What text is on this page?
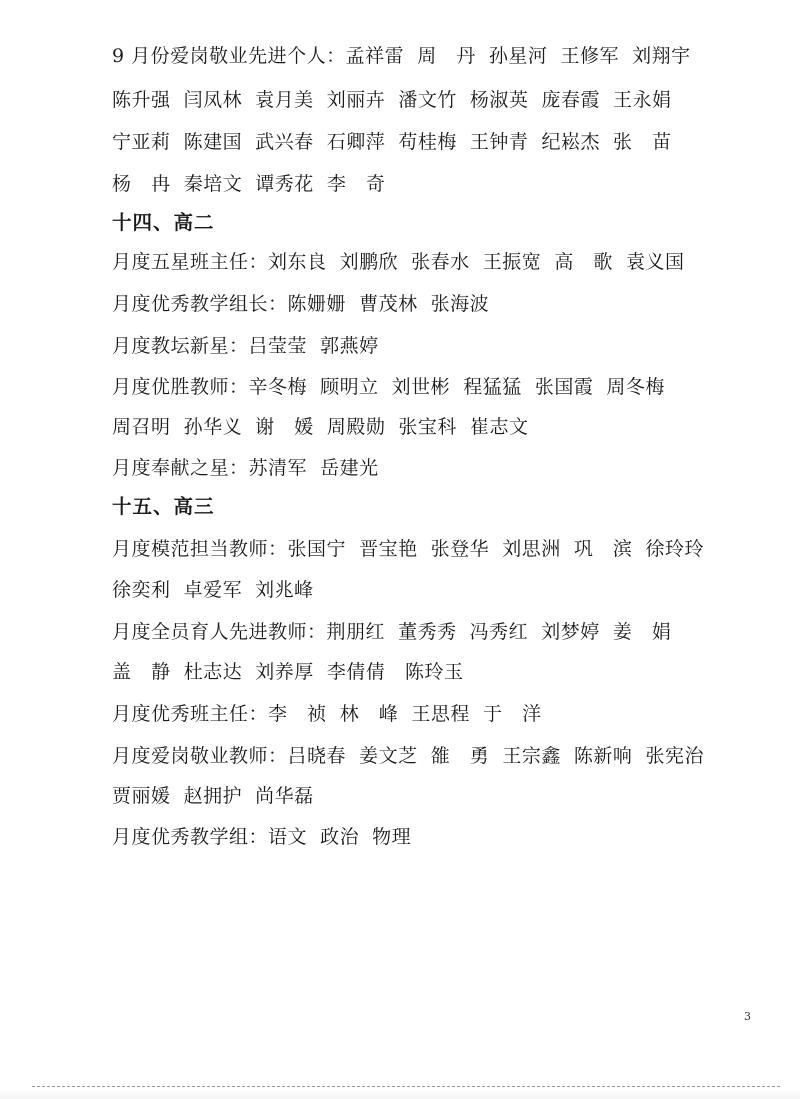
9 月份爱岗敬业先进个人：孟祥雷  周   丹  孙星河  王修军  刘翔宇
陈升强  闫凤林  袁月美  刘丽卉  潘文竹  杨淑英  庞春霞  王永娟
宁亚莉  陈建国  武兴春  石卿萍  苟桂梅  王钟青  纪崧杰  张   苗
杨   冉  秦培文  谭秀花  李   奇
十四、高二
月度五星班主任：刘东良  刘鹏欣  张春水  王振宽  高   歌  袁义国
月度优秀教学组长：陈姗姗  曹茂林  张海波
月度教坛新星：吕莹莹  郭燕婷
月度优胜教师：辛冬梅  顾明立  刘世彬  程猛猛  张国霞  周冬梅
周召明  孙华义  谢   媛  周殿勋  张宝科  崔志文
月度奉献之星：苏清军  岳建光
十五、高三
月度模范担当教师：张国宁  晋宝艳  张登华  刘思洲  巩   滨  徐玲玲
徐奕利  卓爱军  刘兆峰
月度全员育人先进教师：荆朋红  董秀秀  冯秀红  刘梦婷  姜   娟
盖   静  杜志达  刘养厚  李倩倩   陈玲玉
月度优秀班主任：李   祯  林   峰  王思程  于   洋
月度爱岗敬业教师：吕晓春  姜文芝  雒   勇  王宗鑫  陈新响  张宪治
贾丽媛  赵拥护  尚华磊
月度优秀教学组：语文  政治  物理
3
